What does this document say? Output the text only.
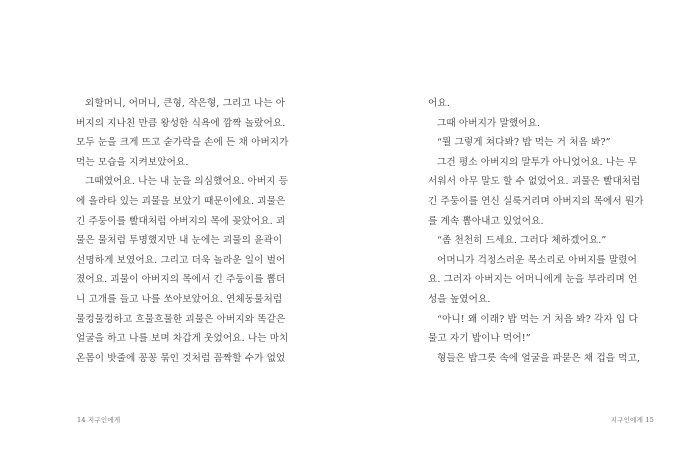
외할머니, 어머니, 큰형, 작은형, 그리고 나는 아
버지의 지나친 만큼 왕성한 식욕에 깜짝 놀랐어요.
모두 눈을 크게 뜨고 숟가락을 손에 든 채 아버지가
먹는 모습을 지켜보았어요.
그때였어요. 나는 내 눈을 의심했어요. 아버지 등
에 올라타 있는 괴물을 보았기 때문이에요. 괴물은
긴 주둥이를 빨대처럼 아버지의 목에 꽂았어요. 괴
물은 물처럼 투명했지만 내 눈에는 괴물의 윤곽이
선명하게 보였어요. 그리고 더욱 놀라운 일이 벌어
졌어요. 괴물이 아버지의 목에서 긴 주둥이를 뽑더
니 고개를 들고 나를 쏘아보았어요. 연체동물처럼
물컹물컹하고 흐물흐물한 괴물은 아버지와 똑같은
얼굴을 하고 나를 보며 차갑게 웃었어요. 나는 마치
온몸이 밧줄에 꽁꽁 묶인 것처럼 꼼짝할 수가 없었
14 지구인에게
어요.
그때 아버지가 말했어요.
“뭘 그렇게 쳐다봐? 밥 먹는 거 처음 봐?”
그건 평소 아버지의 말투가 아니었어요. 나는 무
서워서 아무 말도 할 수 없었어요. 괴물은 빨대처럼
긴 주둥이를 연신 실룩거리며 아버지의 목에서 뭔가
를 계속 뽑아내고 있었어요.
“좀 천천히 드세요. 그러다 체하겠어요.”
어머니가 걱정스러운 목소리로 아버지를 말렸어
요. 그러자 아버지는 어머니에게 눈을 부라리며 언
성을 높였어요.
“아니! 왜 이래? 밥 먹는 거 처음 봐? 각자 입 다
물고 자기 밥이나 먹어!”
형들은 밥그릇 속에 얼굴을 파묻은 채 겁을 먹고,
지구인에게 15
